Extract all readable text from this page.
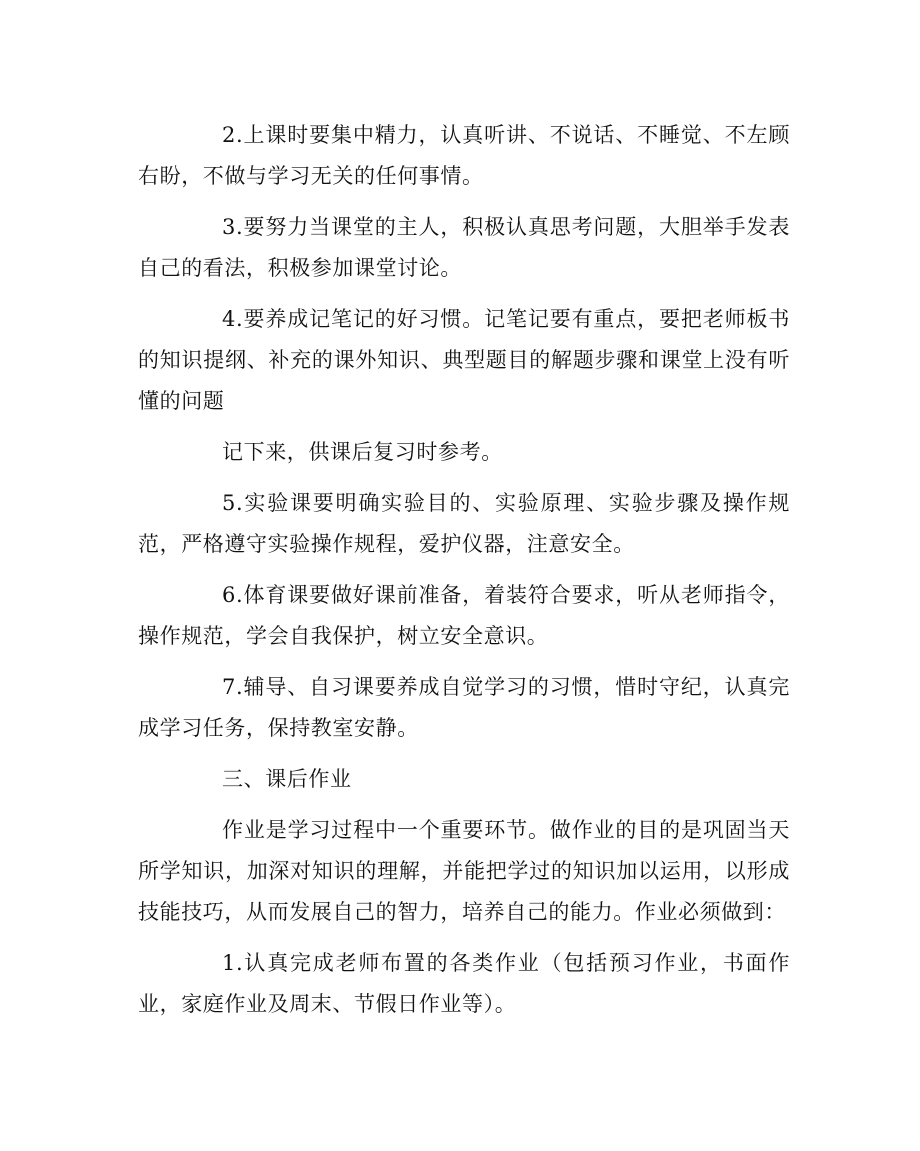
2.上课时要集中精力，认真听讲、不说话、不睡觉、不左顾右盼，不做与学习无关的任何事情。

3.要努力当课堂的主人，积极认真思考问题，大胆举手发表自己的看法，积极参加课堂讨论。

4.要养成记笔记的好习惯。记笔记要有重点，要把老师板书的知识提纲、补充的课外知识、典型题目的解题步骤和课堂上没有听懂的问题

记下来，供课后复习时参考。

5.实验课要明确实验目的、实验原理、实验步骤及操作规范，严格遵守实验操作规程，爱护仪器，注意安全。

6.体育课要做好课前准备，着装符合要求，听从老师指令，操作规范，学会自我保护，树立安全意识。

7.辅导、自习课要养成自觉学习的习惯，惜时守纪，认真完成学习任务，保持教室安静。

三、课后作业

作业是学习过程中一个重要环节。做作业的目的是巩固当天所学知识，加深对知识的理解，并能把学过的知识加以运用，以形成技能技巧，从而发展自己的智力，培养自己的能力。作业必须做到：

1.认真完成老师布置的各类作业（包括预习作业，书面作业，家庭作业及周末、节假日作业等）。
